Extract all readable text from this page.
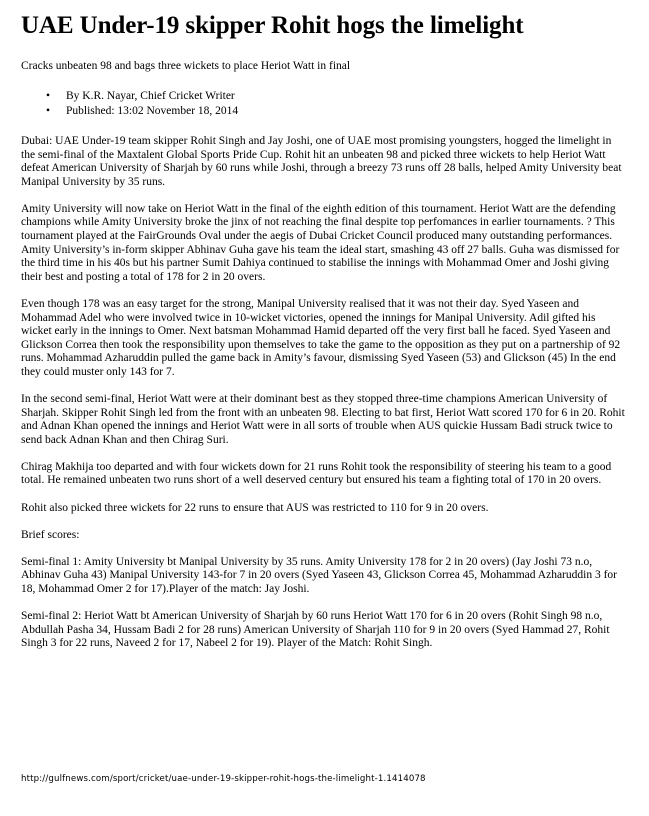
UAE Under-19 skipper Rohit hogs the limelight

Cracks unbeaten 98 and bags three wickets to place Heriot Watt in final

• By K.R. Nayar, Chief Cricket Writer
• Published: 13:02 November 18, 2014

Dubai: UAE Under-19 team skipper Rohit Singh and Jay Joshi, one of UAE most promising youngsters, hogged the limelight in the semi-final of the Maxtalent Global Sports Pride Cup. Rohit hit an unbeaten 98 and picked three wickets to help Heriot Watt defeat American University of Sharjah by 60 runs while Joshi, through a breezy 73 runs off 28 balls, helped Amity University beat Manipal University by 35 runs.

Amity University will now take on Heriot Watt in the final of the eighth edition of this tournament. Heriot Watt are the defending champions while Amity University broke the jinx of not reaching the final despite top perfomances in earlier tournaments. ? This tournament played at the FairGrounds Oval under the aegis of Dubai Cricket Council produced many outstanding performances. Amity University’s in-form skipper Abhinav Guha gave his team the ideal start, smashing 43 off 27 balls. Guha was dismissed for the third time in his 40s but his partner Sumit Dahiya continued to stabilise the innings with Mohammad Omer and Joshi giving their best and posting a total of 178 for 2 in 20 overs.

Even though 178 was an easy target for the strong, Manipal University realised that it was not their day. Syed Yaseen and Mohammad Adel who were involved twice in 10-wicket victories, opened the innings for Manipal University. Adil gifted his wicket early in the innings to Omer. Next batsman Mohammad Hamid departed off the very first ball he faced. Syed Yaseen and Glickson Correa then took the responsibility upon themselves to take the game to the opposition as they put on a partnership of 92 runs. Mohammad Azharuddin pulled the game back in Amity’s favour, dismissing Syed Yaseen (53) and Glickson (45) In the end they could muster only 143 for 7.

In the second semi-final, Heriot Watt were at their dominant best as they stopped three-time champions American University of Sharjah. Skipper Rohit Singh led from the front with an unbeaten 98. Electing to bat first, Heriot Watt scored 170 for 6 in 20. Rohit and Adnan Khan opened the innings and Heriot Watt were in all sorts of trouble when AUS quickie Hussam Badi struck twice to send back Adnan Khan and then Chirag Suri.

Chirag Makhija too departed and with four wickets down for 21 runs Rohit took the responsibility of steering his team to a good total. He remained unbeaten two runs short of a well deserved century but ensured his team a fighting total of 170 in 20 overs.

Rohit also picked three wickets for 22 runs to ensure that AUS was restricted to 110 for 9 in 20 overs.

Brief scores:

Semi-final 1: Amity University bt Manipal University by 35 runs. Amity University 178 for 2 in 20 overs) (Jay Joshi 73 n.o, Abhinav Guha 43) Manipal University 143-for 7 in 20 overs (Syed Yaseen 43, Glickson Correa 45, Mohammad Azharuddin 3 for 18, Mohammad Omer 2 for 17).Player of the match: Jay Joshi.

Semi-final 2: Heriot Watt bt American University of Sharjah by 60 runs Heriot Watt 170 for 6 in 20 overs (Rohit Singh 98 n.o, Abdullah Pasha 34, Hussam Badi 2 for 28 runs) American University of Sharjah 110 for 9 in 20 overs (Syed Hammad 27, Rohit Singh 3 for 22 runs, Naveed 2 for 17, Nabeel 2 for 19). Player of the Match: Rohit Singh.

http://gulfnews.com/sport/cricket/uae-under-19-skipper-rohit-hogs-the-limelight-1.1414078
